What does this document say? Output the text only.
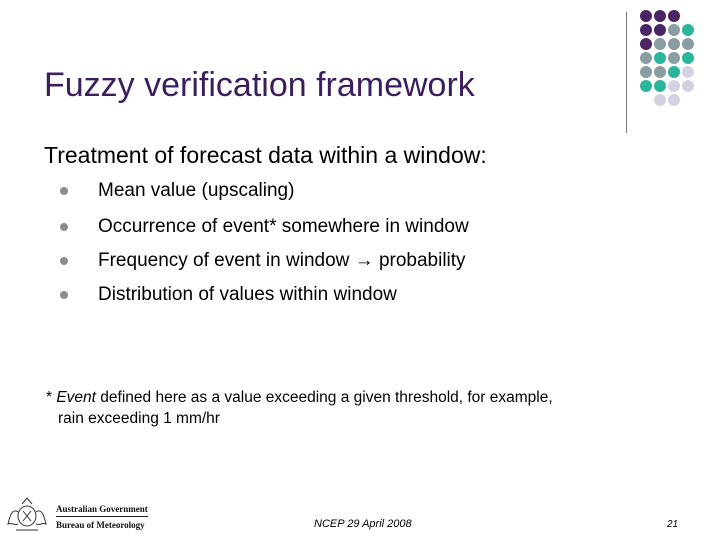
Fuzzy verification framework
Treatment of forecast data within a window:
Mean value (upscaling)
Occurrence of event* somewhere in window
Frequency of event in window → probability
Distribution of values within window
* Event defined here as a value exceeding a given threshold, for example,
rain exceeding 1 mm/hr
Australian Government
Bureau of Meteorology	NCEP 29 April 2008	21
